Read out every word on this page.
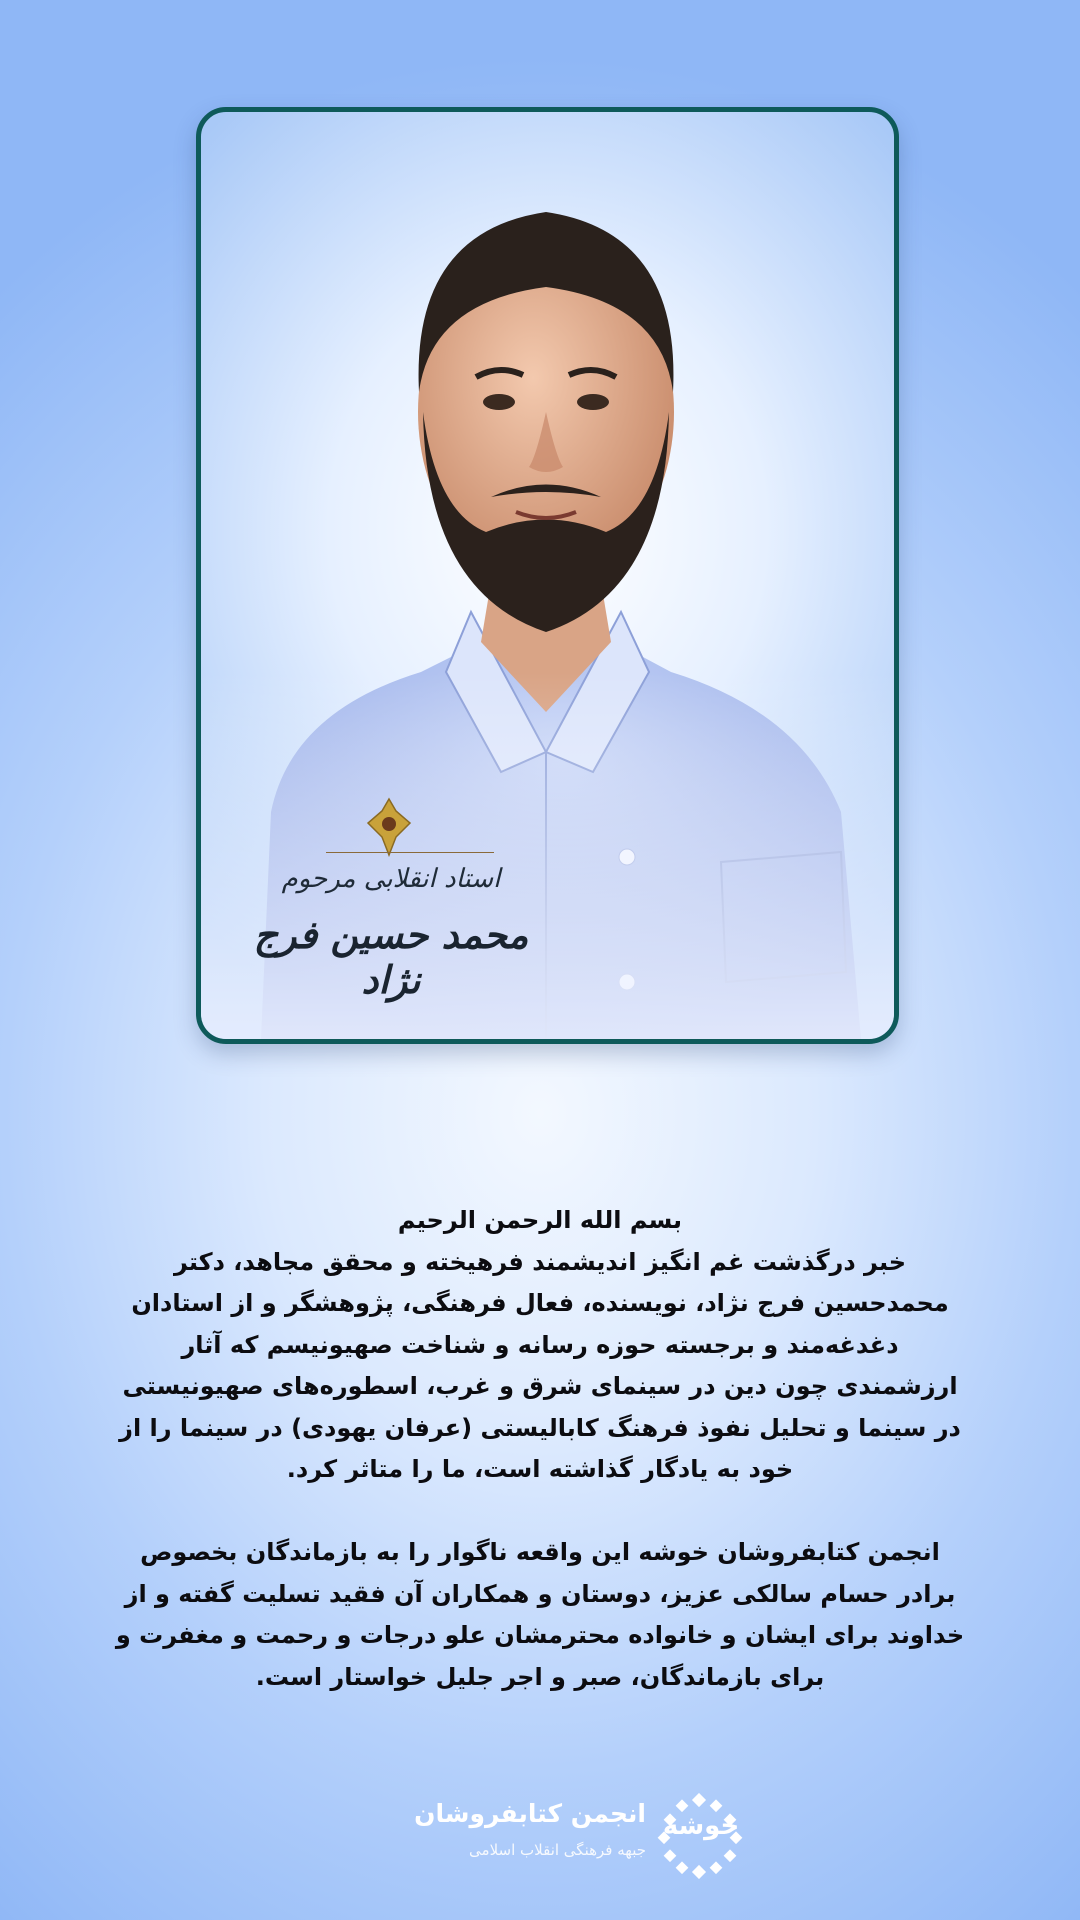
استاد انقلابی مرحوم
محمد حسین فرج نژاد
بسم الله الرحمن الرحیم
خبر درگذشت غم انگیز اندیشمند فرهیخته و محقق مجاهد، دکتر
محمدحسین فرج نژاد، نویسنده، فعال فرهنگی، پژوهشگر و از استادان
دغدغه‌مند و برجسته حوزه رسانه و شناخت صهیونیسم که آثار
ارزشمندی چون دین در سینمای شرق و غرب، اسطوره‌های صهیونیستی
در سینما و تحلیل نفوذ فرهنگ کابالیستی (عرفان یهودی) در سینما را از
خود به یادگار گذاشته است، ما را متاثر کرد.
انجمن کتابفروشان خوشه این واقعه ناگوار را به بازماندگان بخصوص
برادر حسام سالکی عزیز، دوستان و همکاران آن فقید تسلیت گفته و از
خداوند برای ایشان و خانواده محترمشان علو درجات و رحمت و مغفرت و
برای بازماندگان، صبر و اجر جلیل خواستار است.
خوشه
انجمن کتابفروشان
جبهه فرهنگی انقلاب اسلامی
